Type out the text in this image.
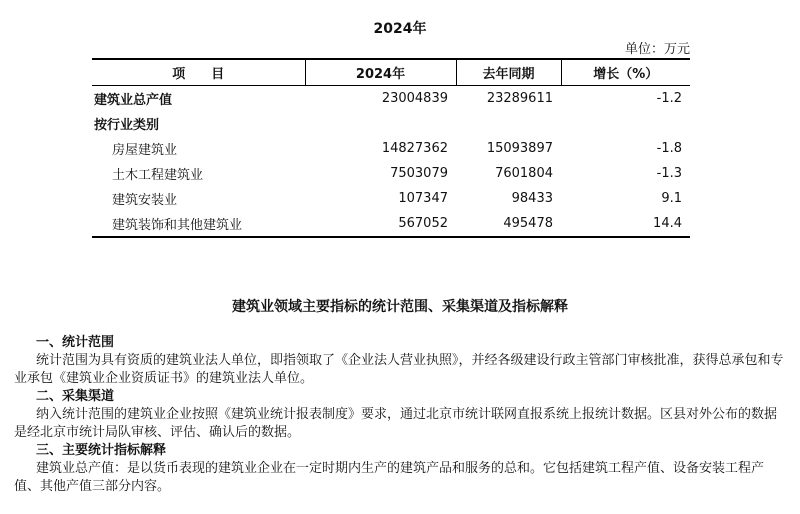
2024年
单位：万元
项　　目	2024年	去年同期	增长（%）
建筑业总产值	23004839	23289611	-1.2
按行业类别			
房屋建筑业	14827362	15093897	-1.8
土木工程建筑业	7503079	7601804	-1.3
建筑安装业	107347	98433	9.1
建筑装饰和其他建筑业	567052	495478	14.4
建筑业领域主要指标的统计范围、采集渠道及指标解释
一、统计范围
统计范围为具有资质的建筑业法人单位，即指领取了《企业法人营业执照》，并经各级建设行政主管部门审核批准，获得总承包和专业承包《建筑业企业资质证书》的建筑业法人单位。
二、采集渠道
纳入统计范围的建筑业企业按照《建筑业统计报表制度》要求，通过北京市统计联网直报系统上报统计数据。区县对外公布的数据是经北京市统计局队审核、评估、确认后的数据。
三、主要统计指标解释
建筑业总产值：是以货币表现的建筑业企业在一定时期内生产的建筑产品和服务的总和。它包括建筑工程产值、设备安装工程产值、其他产值三部分内容。
